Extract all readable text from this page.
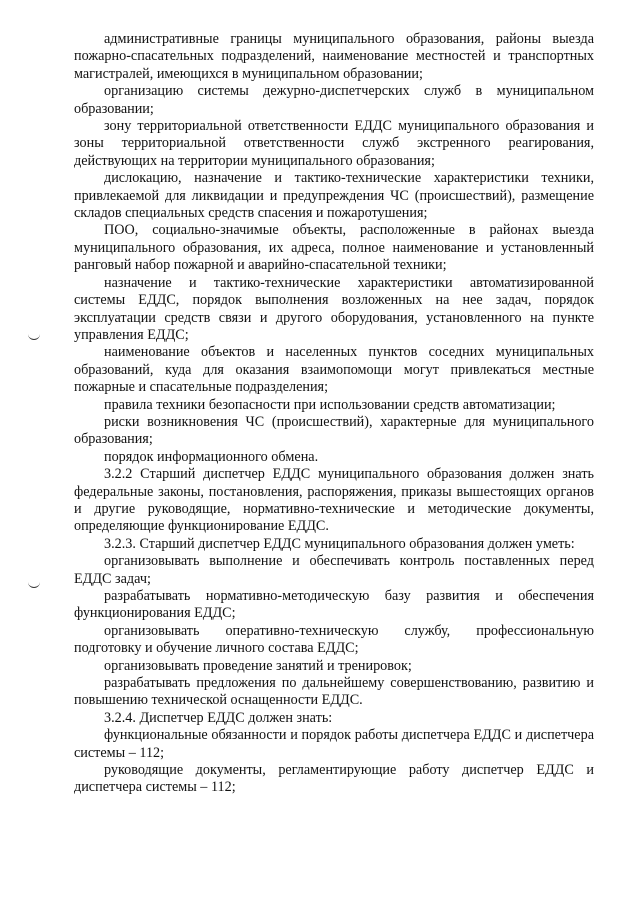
административные границы муниципального образования, районы выезда пожарно-спасательных подразделений, наименование местностей и транспортных магистралей, имеющихся в муниципальном образовании;

организацию системы дежурно-диспетчерских служб в муниципальном образовании;

зону территориальной ответственности ЕДДС муниципального образования и зоны территориальной ответственности служб экстренного реагирования, действующих на территории муниципального образования;

дислокацию, назначение и тактико-технические характеристики техники, привлекаемой для ликвидации и предупреждения ЧС (происшествий), размещение складов специальных средств спасения и пожаротушения;

ПОО, социально-значимые объекты, расположенные в районах выезда муниципального образования, их адреса, полное наименование и установленный ранговый набор пожарной и аварийно-спасательной техники;

назначение и тактико-технические характеристики автоматизированной системы ЕДДС, порядок выполнения возложенных на нее задач, порядок эксплуатации средств связи и другого оборудования, установленного на пункте управления ЕДДС;

наименование объектов и населенных пунктов соседних муниципальных образований, куда для оказания взаимопомощи могут привлекаться местные пожарные и спасательные подразделения;

правила техники безопасности при использовании средств автоматизации;

риски возникновения ЧС (происшествий), характерные для муниципального образования;

порядок информационного обмена.

3.2.2 Старший диспетчер ЕДДС муниципального образования должен знать федеральные законы, постановления, распоряжения, приказы вышестоящих органов и другие руководящие, нормативно-технические и методические документы, определяющие функционирование ЕДДС.

3.2.3. Старший диспетчер ЕДДС муниципального образования должен уметь:

организовывать выполнение и обеспечивать контроль поставленных перед ЕДДС задач;

разрабатывать нормативно-методическую базу развития и обеспечения функционирования ЕДДС;

организовывать оперативно-техническую службу, профессиональную подготовку и обучение личного состава ЕДДС;

организовывать проведение занятий и тренировок;

разрабатывать предложения по дальнейшему совершенствованию, развитию и повышению технической оснащенности ЕДДС.

3.2.4. Диспетчер ЕДДС должен знать:

функциональные обязанности и порядок работы диспетчера ЕДДС и диспетчера системы – 112;

руководящие документы, регламентирующие работу диспетчер ЕДДС и диспетчера системы – 112;
